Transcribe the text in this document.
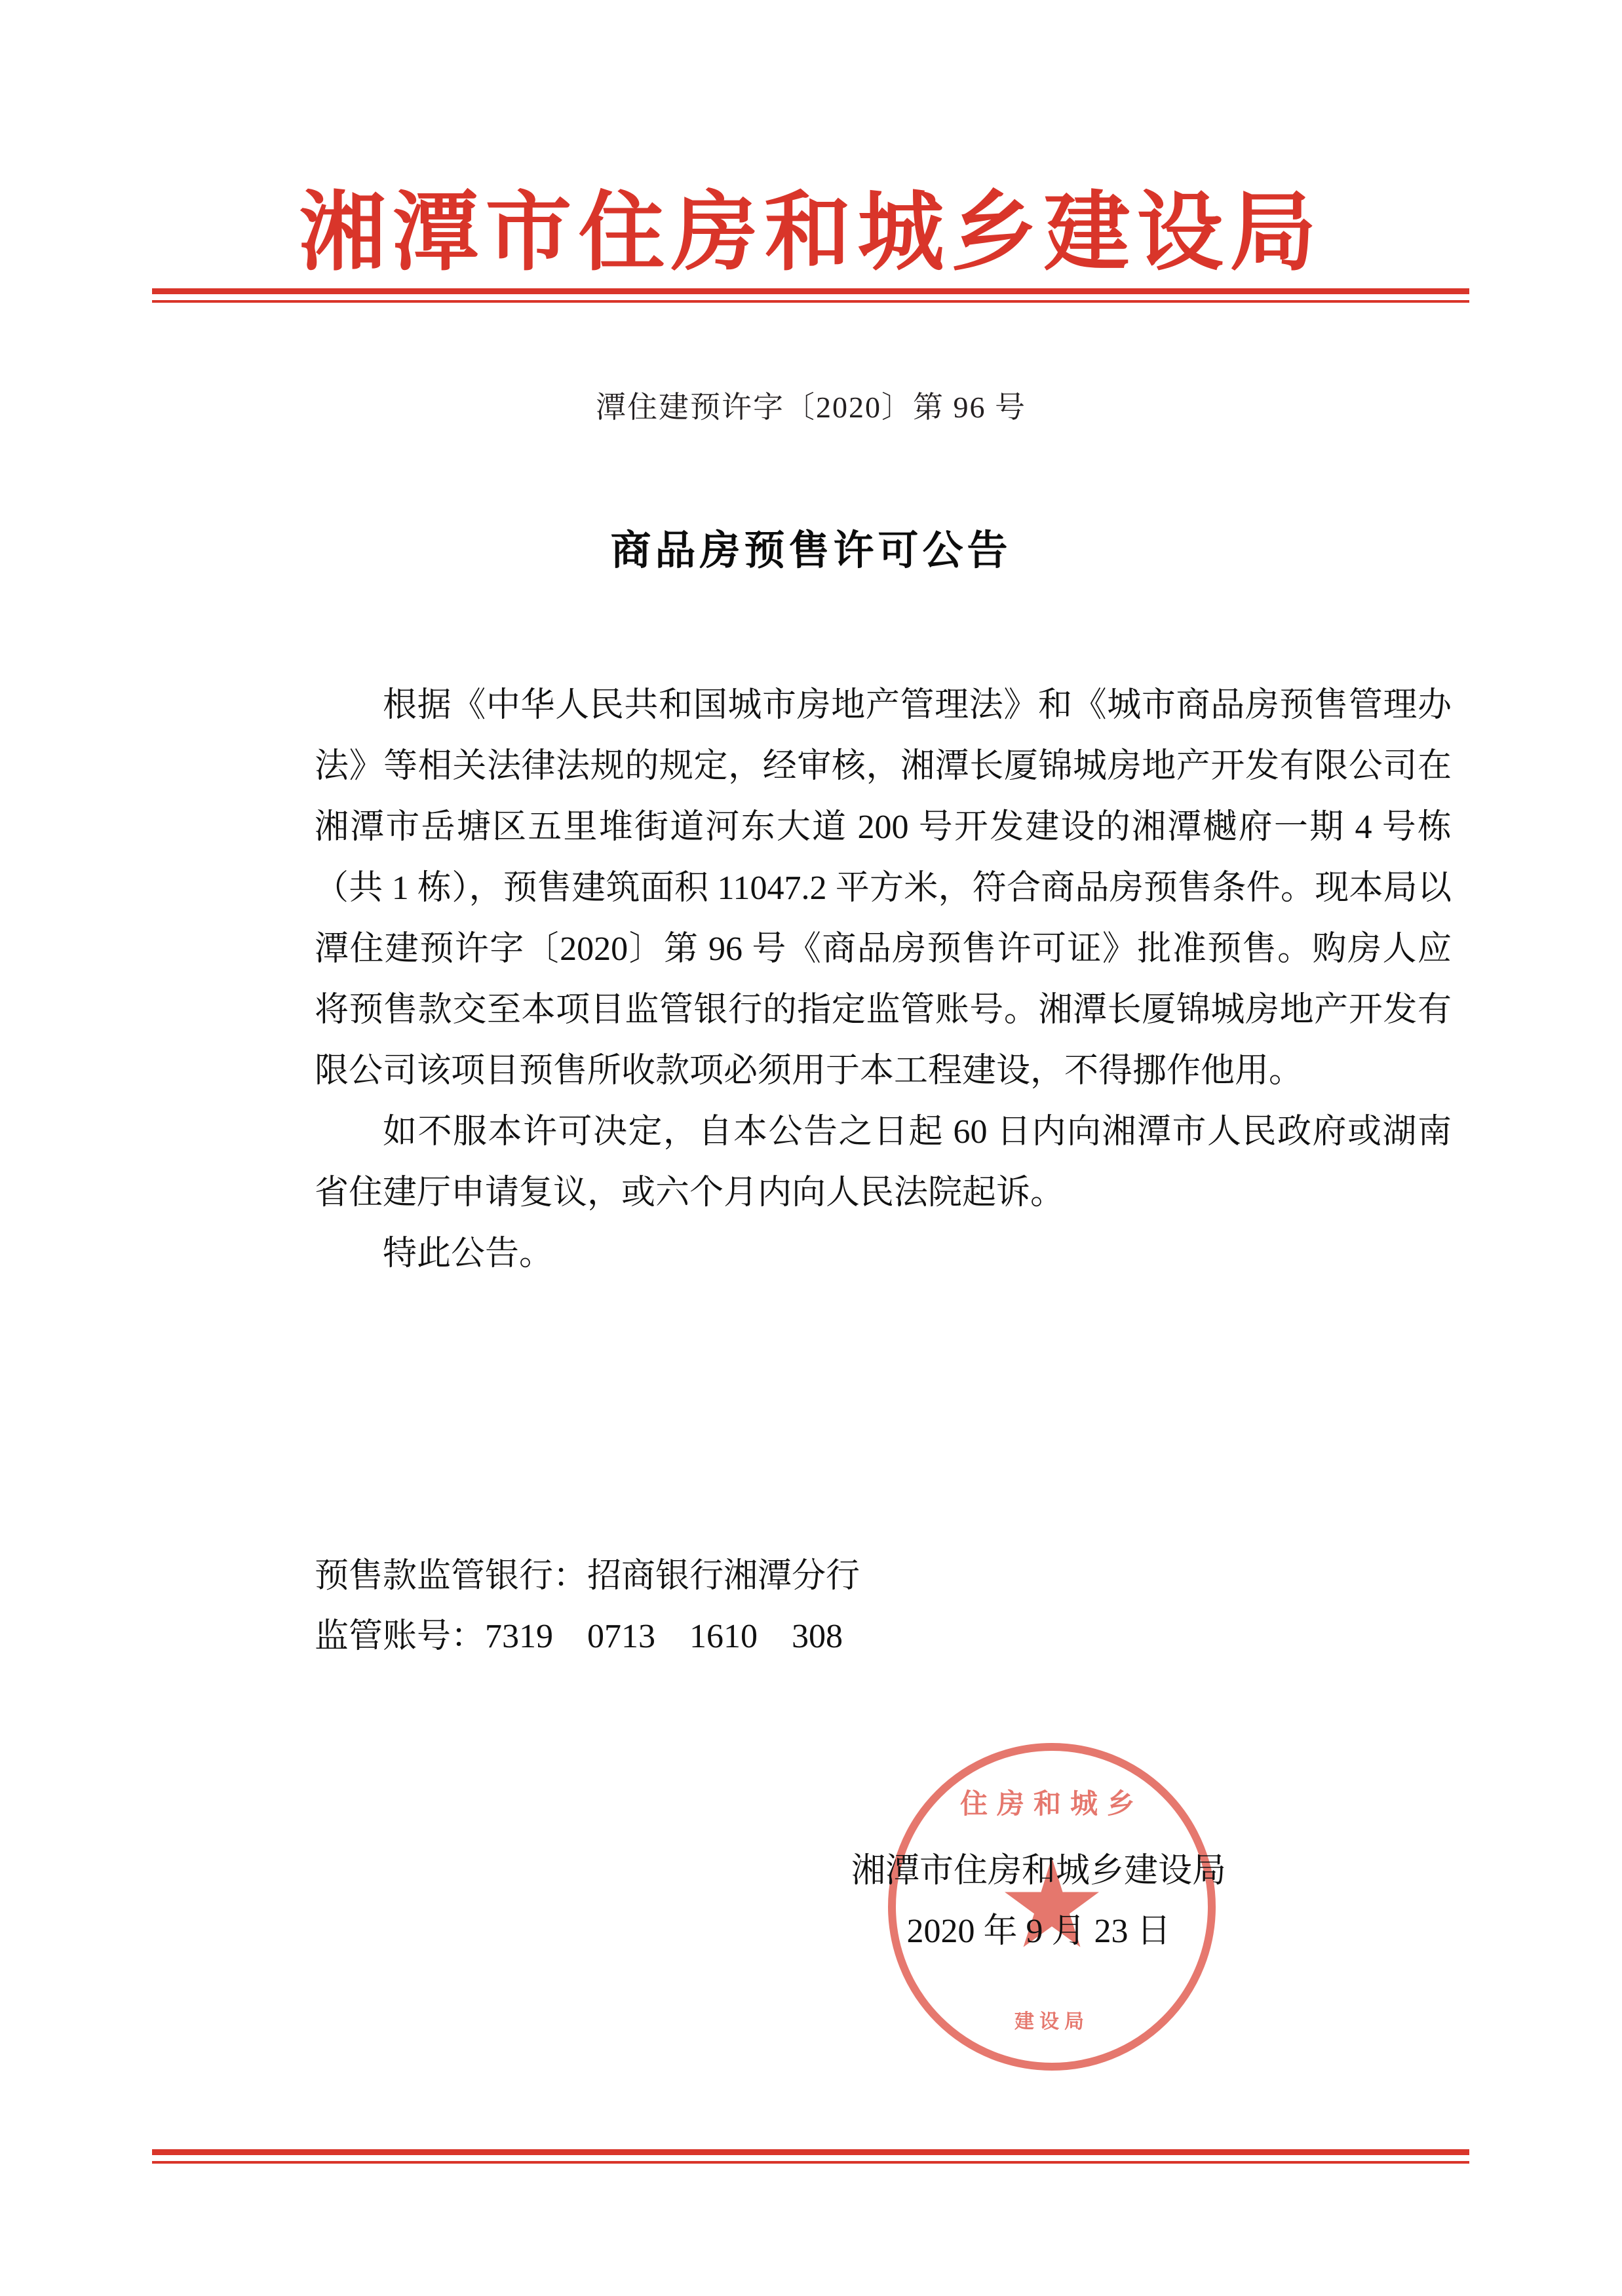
湘潭市住房和城乡建设局
潭住建预许字〔2020〕第 96 号
商品房预售许可公告

根据《中华人民共和国城市房地产管理法》和《城市商品房预售管理办法》等相关法律法规的规定，经审核，湘潭长厦锦城房地产开发有限公司在湘潭市岳塘区五里堆街道河东大道 200 号开发建设的湘潭樾府一期 4 号栋（共 1 栋），预售建筑面积 11047.2 平方米，符合商品房预售条件。现本局以潭住建预许字〔2020〕第 96 号《商品房预售许可证》批准预售。购房人应将预售款交至本项目监管银行的指定监管账号。湘潭长厦锦城房地产开发有限公司该项目预售所收款项必须用于本工程建设，不得挪作他用。

如不服本许可决定，自本公告之日起 60 日内向湘潭市人民政府或湖南省住建厅申请复议，或六个月内向人民法院起诉。

特此公告。

预售款监管银行：招商银行湘潭分行
监管账号：7319　0713　1610　308
住房和城乡
建设局
湘潭市住房和城乡建设局
2020 年 9 月 23 日
